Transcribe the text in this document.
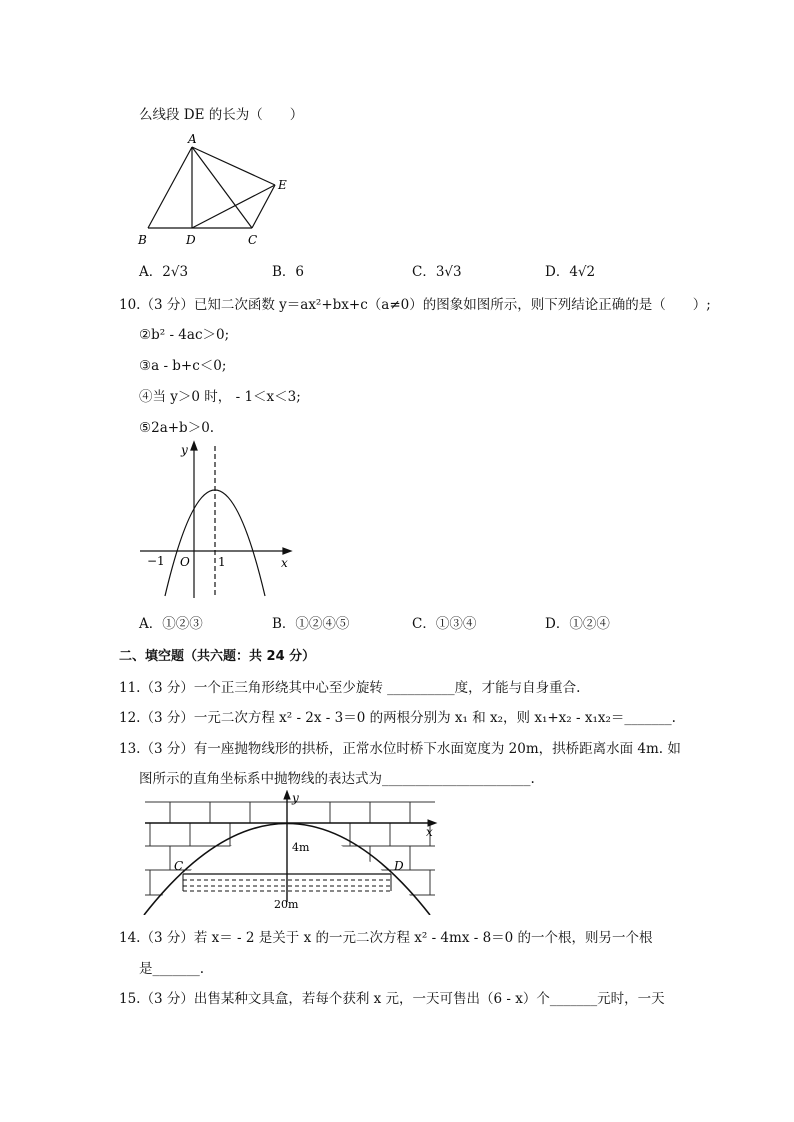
么线段 DE 的长为（　　）
A
B	D	C
E
A．2√3	B．6	C．3√3	D．4√2
10.（3 分）已知二次函数 y＝ax²+bx+c（a≠0）的图象如图所示，则下列结论正确的是（　　）;
②b² - 4ac＞0;
③a - b+c＜0;
④当 y＞0 时， - 1＜x＜3;
⑤2a+b＞0.
y
x
O
−1	1
A．①②③	B．①②④⑤	C．①③④	D．①②④
二、填空题（共六题：共 24 分）
11.（3 分）一个正三角形绕其中心至少旋转 __________度，才能与自身重合.
12.（3 分）一元二次方程 x² - 2x - 3＝0 的两根分别为 x₁ 和 x₂，则 x₁+x₂ - x₁x₂＝_______.
13.（3 分）有一座抛物线形的拱桥，正常水位时桥下水面宽度为 20m，拱桥距离水面 4m. 如
图所示的直角坐标系中抛物线的表达式为______________________.
y
x
C	D
4m
20m
14.（3 分）若 x＝ - 2 是关于 x 的一元二次方程 x² - 4mx - 8＝0 的一个根，则另一个根
是_______.
15.（3 分）出售某种文具盒，若每个获利 x 元，一天可售出（6 - x）个_______元时，一天
